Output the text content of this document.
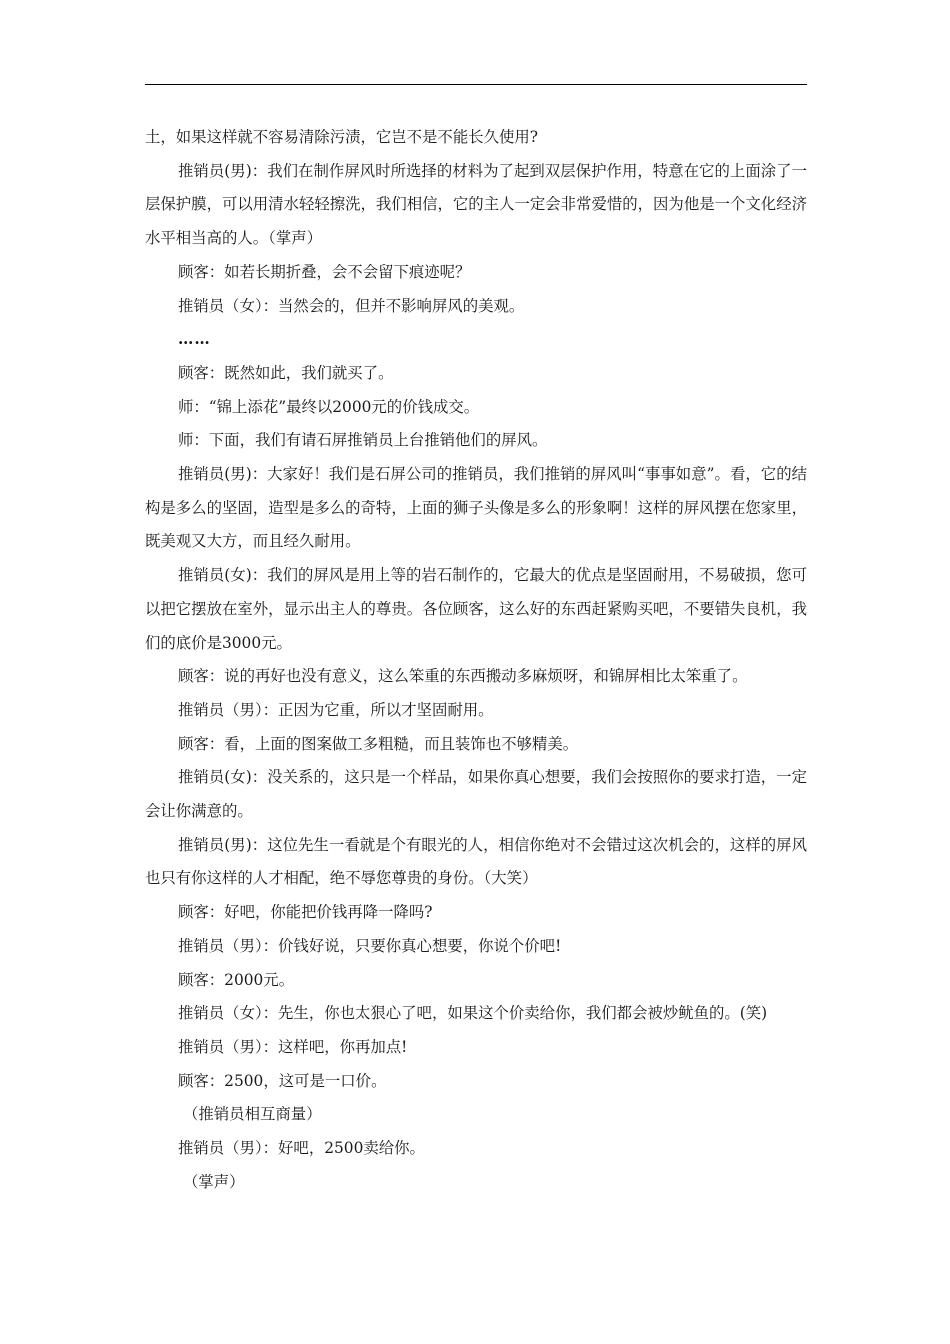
土，如果这样就不容易清除污渍，它岂不是不能长久使用?

推销员(男)：我们在制作屏风时所选择的材料为了起到双层保护作用，特意在它的上面涂了一层保护膜，可以用清水轻轻擦洗，我们相信，它的主人一定会非常爱惜的，因为他是一个文化经济水平相当高的人。（掌声）

顾客：如若长期折叠，会不会留下痕迹呢？

推销员（女）：当然会的，但并不影响屏风的美观。

……

顾客：既然如此，我们就买了。

师：“锦上添花”最终以2000元的价钱成交。

师：下面，我们有请石屏推销员上台推销他们的屏风。

推销员(男)：大家好！我们是石屏公司的推销员，我们推销的屏风叫“事事如意”。看，它的结构是多么的坚固，造型是多么的奇特，上面的狮子头像是多么的形象啊！这样的屏风摆在您家里，既美观又大方，而且经久耐用。

推销员(女)：我们的屏风是用上等的岩石制作的，它最大的优点是坚固耐用，不易破损，您可以把它摆放在室外，显示出主人的尊贵。各位顾客，这么好的东西赶紧购买吧，不要错失良机，我们的底价是3000元。

顾客：说的再好也没有意义，这么笨重的东西搬动多麻烦呀，和锦屏相比太笨重了。

推销员（男）：正因为它重，所以才坚固耐用。

顾客：看，上面的图案做工多粗糙，而且装饰也不够精美。

推销员(女)：没关系的，这只是一个样品，如果你真心想要，我们会按照你的要求打造，一定会让你满意的。

推销员(男)：这位先生一看就是个有眼光的人，相信你绝对不会错过这次机会的，这样的屏风也只有你这样的人才相配，绝不辱您尊贵的身份。（大笑）

顾客：好吧，你能把价钱再降一降吗?

推销员（男）：价钱好说，只要你真心想要，你说个价吧!

顾客：2000元。

推销员（女）：先生，你也太狠心了吧，如果这个价卖给你，我们都会被炒鱿鱼的。(笑)

推销员（男）：这样吧，你再加点!

顾客：2500，这可是一口价。

（推销员相互商量）

推销员（男）：好吧，2500卖给你。

（掌声）
